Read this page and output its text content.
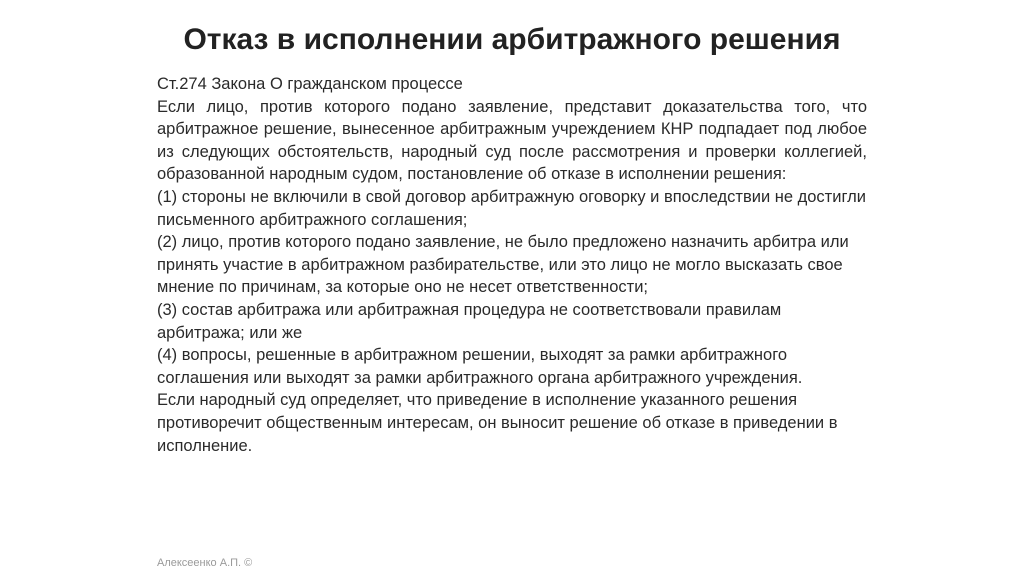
Отказ в исполнении арбитражного решения

Ст.274 Закона О гражданском процессе

Если лицо, против которого подано заявление, представит доказательства того, что арбитражное решение, вынесенное арбитражным учреждением КНР подпадает под любое из следующих обстоятельств, народный суд после рассмотрения и проверки коллегией, образованной народным судом, постановление об отказе в исполнении решения:

(1) стороны не включили в свой договор арбитражную оговорку и впоследствии не достигли письменного арбитражного соглашения;

(2) лицо, против которого подано заявление, не было предложено назначить арбитра или принять участие в арбитражном разбирательстве, или это лицо не могло высказать свое мнение по причинам, за которые оно не несет ответственности;

(3) состав арбитража или арбитражная процедура не соответствовали правилам арбитража; или же

(4) вопросы, решенные в арбитражном решении, выходят за рамки арбитражного соглашения или выходят за рамки арбитражного органа арбитражного учреждения.

Если народный суд определяет, что приведение в исполнение указанного решения противоречит общественным интересам, он выносит решение об отказе в приведении в исполнение.

Алексеенко А.П. ©
